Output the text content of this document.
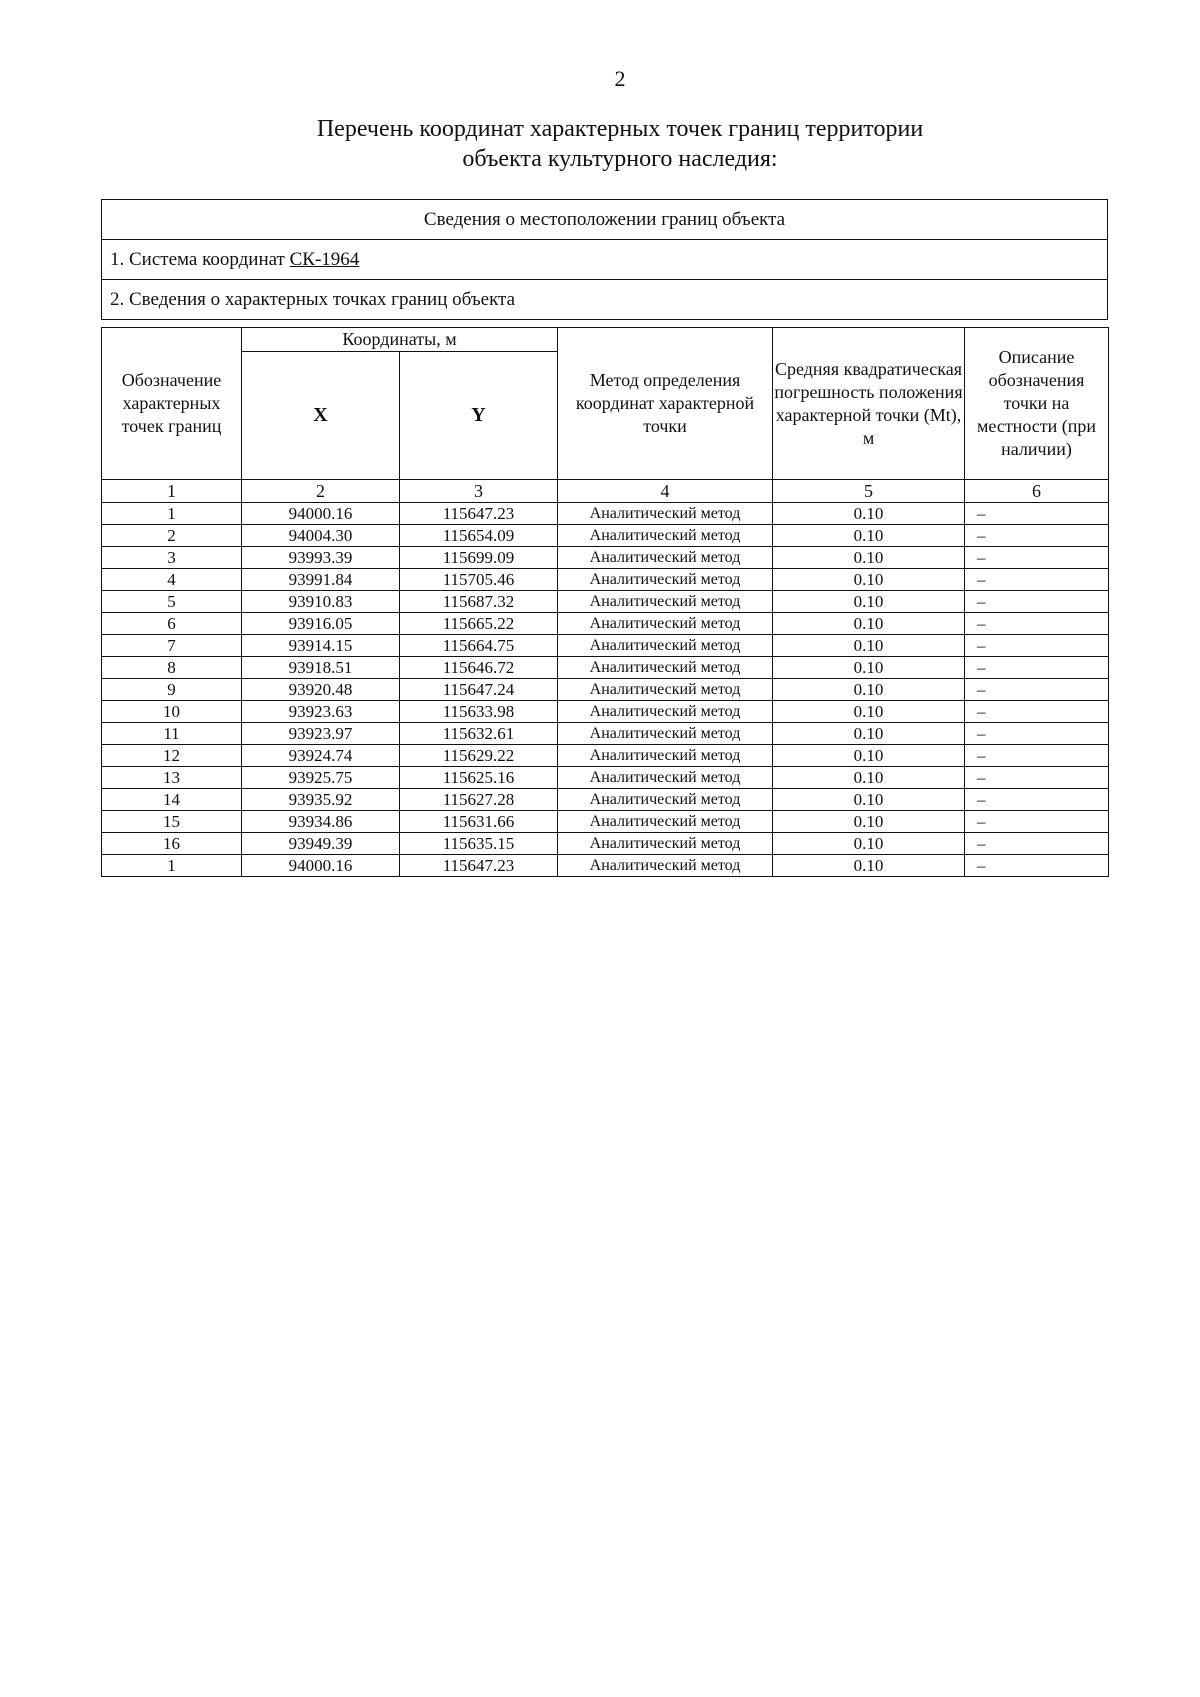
2
Перечень координат характерных точек границ территории
объекта культурного наследия:
Сведения о местоположении границ объекта
1. Система координат СК-1964
2. Сведения о характерных точках границ объекта
Обозначение характерных точек границ	Координаты, м		Метод определения координат характерной точки	Средняя квадратическая погрешность положения характерной точки (Mt), м	Описание обозначения точки на местности (при наличии)
	X	Y			
1	2	3	4	5	6
1	94000.16	115647.23	Аналитический метод	0.10	–
2	94004.30	115654.09	Аналитический метод	0.10	–
3	93993.39	115699.09	Аналитический метод	0.10	–
4	93991.84	115705.46	Аналитический метод	0.10	–
5	93910.83	115687.32	Аналитический метод	0.10	–
6	93916.05	115665.22	Аналитический метод	0.10	–
7	93914.15	115664.75	Аналитический метод	0.10	–
8	93918.51	115646.72	Аналитический метод	0.10	–
9	93920.48	115647.24	Аналитический метод	0.10	–
10	93923.63	115633.98	Аналитический метод	0.10	–
11	93923.97	115632.61	Аналитический метод	0.10	–
12	93924.74	115629.22	Аналитический метод	0.10	–
13	93925.75	115625.16	Аналитический метод	0.10	–
14	93935.92	115627.28	Аналитический метод	0.10	–
15	93934.86	115631.66	Аналитический метод	0.10	–
16	93949.39	115635.15	Аналитический метод	0.10	–
1	94000.16	115647.23	Аналитический метод	0.10	–
